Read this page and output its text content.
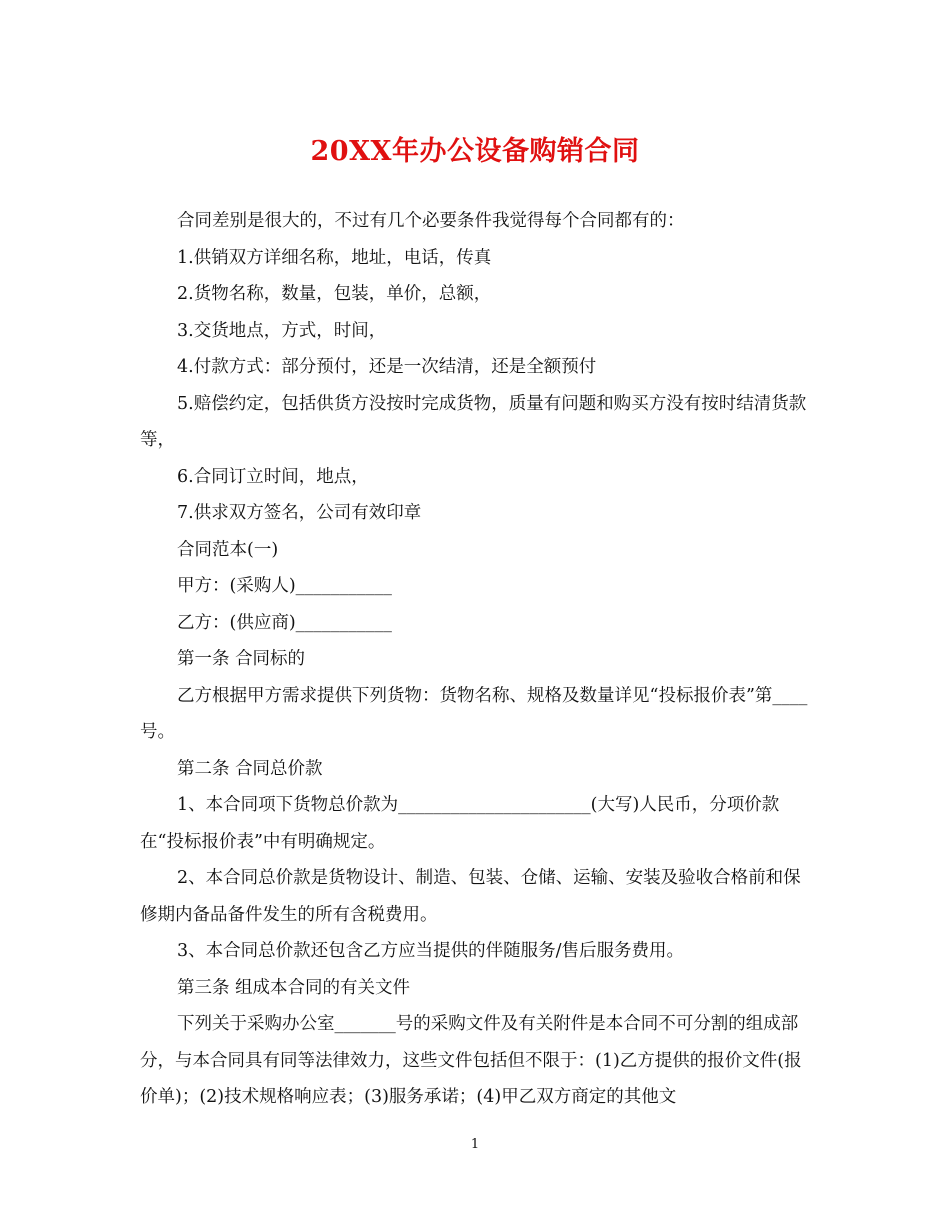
20XX年办公设备购销合同

合同差别是很大的，不过有几个必要条件我觉得每个合同都有的：

1.供销双方详细名称，地址，电话，传真

2.货物名称，数量，包装，单价，总额，

3.交货地点，方式，时间，

4.付款方式：部分预付，还是一次结清，还是全额预付

5.赔偿约定，包括供货方没按时完成货物，质量有问题和购买方没有按时结清货款等，

6.合同订立时间，地点，

7.供求双方签名，公司有效印章

合同范本(一)

甲方：(采购人)___________

乙方：(供应商)___________

第一条 合同标的

乙方根据甲方需求提供下列货物：货物名称、规格及数量详见“投标报价表”第____号。

第二条 合同总价款

1、本合同项下货物总价款为______________________(大写)人民币，分项价款在“投标报价表”中有明确规定。

2、本合同总价款是货物设计、制造、包装、仓储、运输、安装及验收合格前和保修期内备品备件发生的所有含税费用。

3、本合同总价款还包含乙方应当提供的伴随服务/售后服务费用。

第三条 组成本合同的有关文件

下列关于采购办公室_______号的采购文件及有关附件是本合同不可分割的组成部分，与本合同具有同等法律效力，这些文件包括但不限于：(1)乙方提供的报价文件(报价单)；(2)技术规格响应表；(3)服务承诺；(4)甲乙双方商定的其他文

1
